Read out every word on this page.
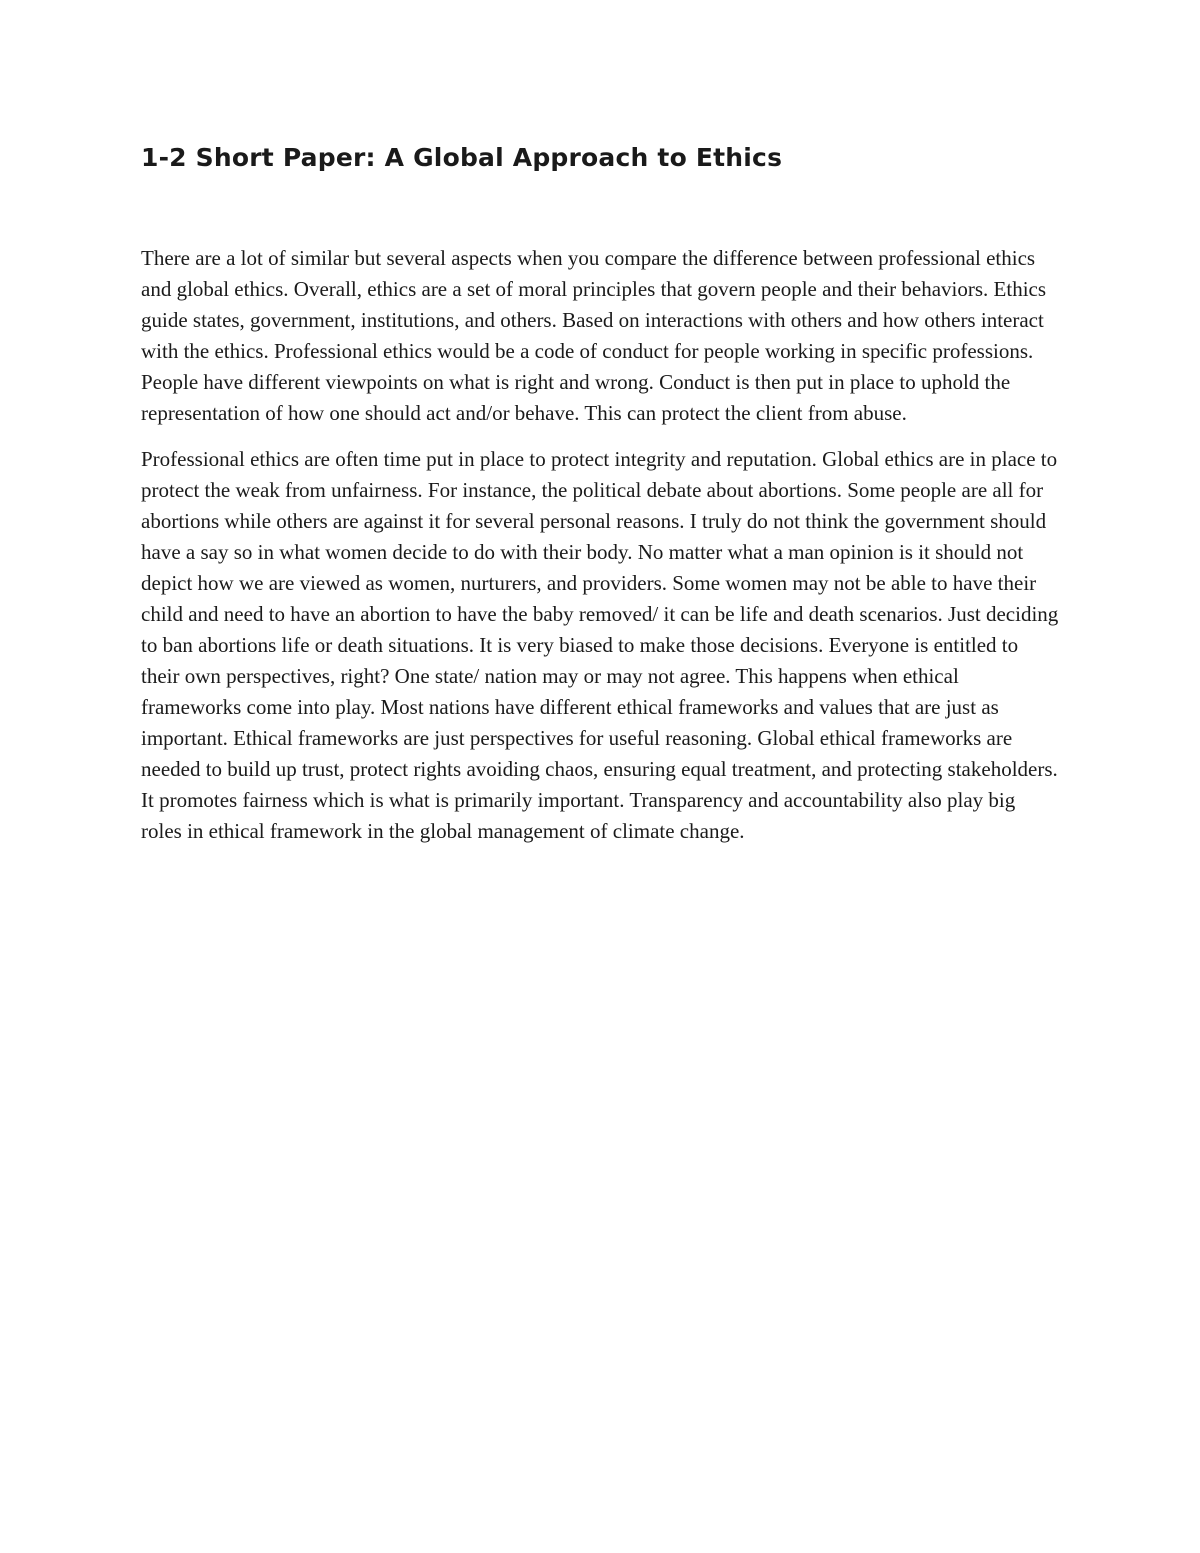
1-2 Short Paper: A Global Approach to Ethics

There are a lot of similar but several aspects when you compare the difference between professional ethics and global ethics. Overall, ethics are a set of moral principles that govern people and their behaviors. Ethics guide states, government, institutions, and others. Based on interactions with others and how others interact with the ethics. Professional ethics would be a code of conduct for people working in specific professions. People have different viewpoints on what is right and wrong. Conduct is then put in place to uphold the representation of how one should act and/or behave. This can protect the client from abuse.

Professional ethics are often time put in place to protect integrity and reputation. Global ethics are in place to protect the weak from unfairness. For instance, the political debate about abortions. Some people are all for abortions while others are against it for several personal reasons. I truly do not think the government should have a say so in what women decide to do with their body. No matter what a man opinion is it should not depict how we are viewed as women, nurturers, and providers. Some women may not be able to have their child and need to have an abortion to have the baby removed/ it can be life and death scenarios. Just deciding to ban abortions life or death situations. It is very biased to make those decisions. Everyone is entitled to their own perspectives, right? One state/ nation may or may not agree. This happens when ethical frameworks come into play. Most nations have different ethical frameworks and values that are just as important. Ethical frameworks are just perspectives for useful reasoning. Global ethical frameworks are needed to build up trust, protect rights avoiding chaos, ensuring equal treatment, and protecting stakeholders. It promotes fairness which is what is primarily important. Transparency and accountability also play big roles in ethical framework in the global management of climate change.
